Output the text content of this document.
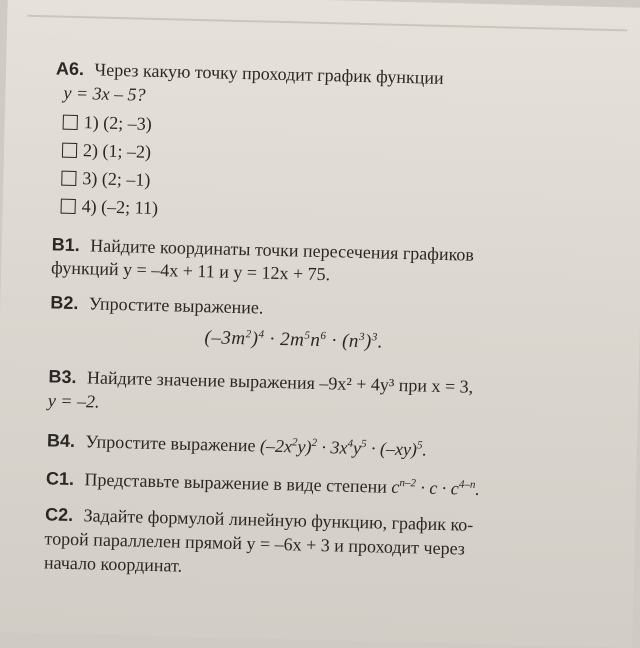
А6. Через какую точку проходит график функции
y = 3x – 5?
1) (2; –3)
2) (1; –2)
3) (2; –1)
4) (–2; 11)
В1. Найдите координаты точки пересечения графиков
функций y = –4x + 11 и y = 12x + 75.
В2. Упростите выражение.
$(-3m^2)^4 \cdot 2m^5n^6 \cdot (n^3)^3$.
В3. Найдите значение выражения –9x² + 4y³ при x = 3,
y = –2.
В4. Упростите выражение $(-2x^2y)^2 \cdot 3x^4y^5 \cdot (-xy)^5$.
С1. Представьте выражение в виде степени $c^{n-2} \cdot c \cdot c^{4-n}$.
С2. Задайте формулой линейную функцию, график ко-
торой параллелен прямой y = –6x + 3 и проходит через
начало координат.
